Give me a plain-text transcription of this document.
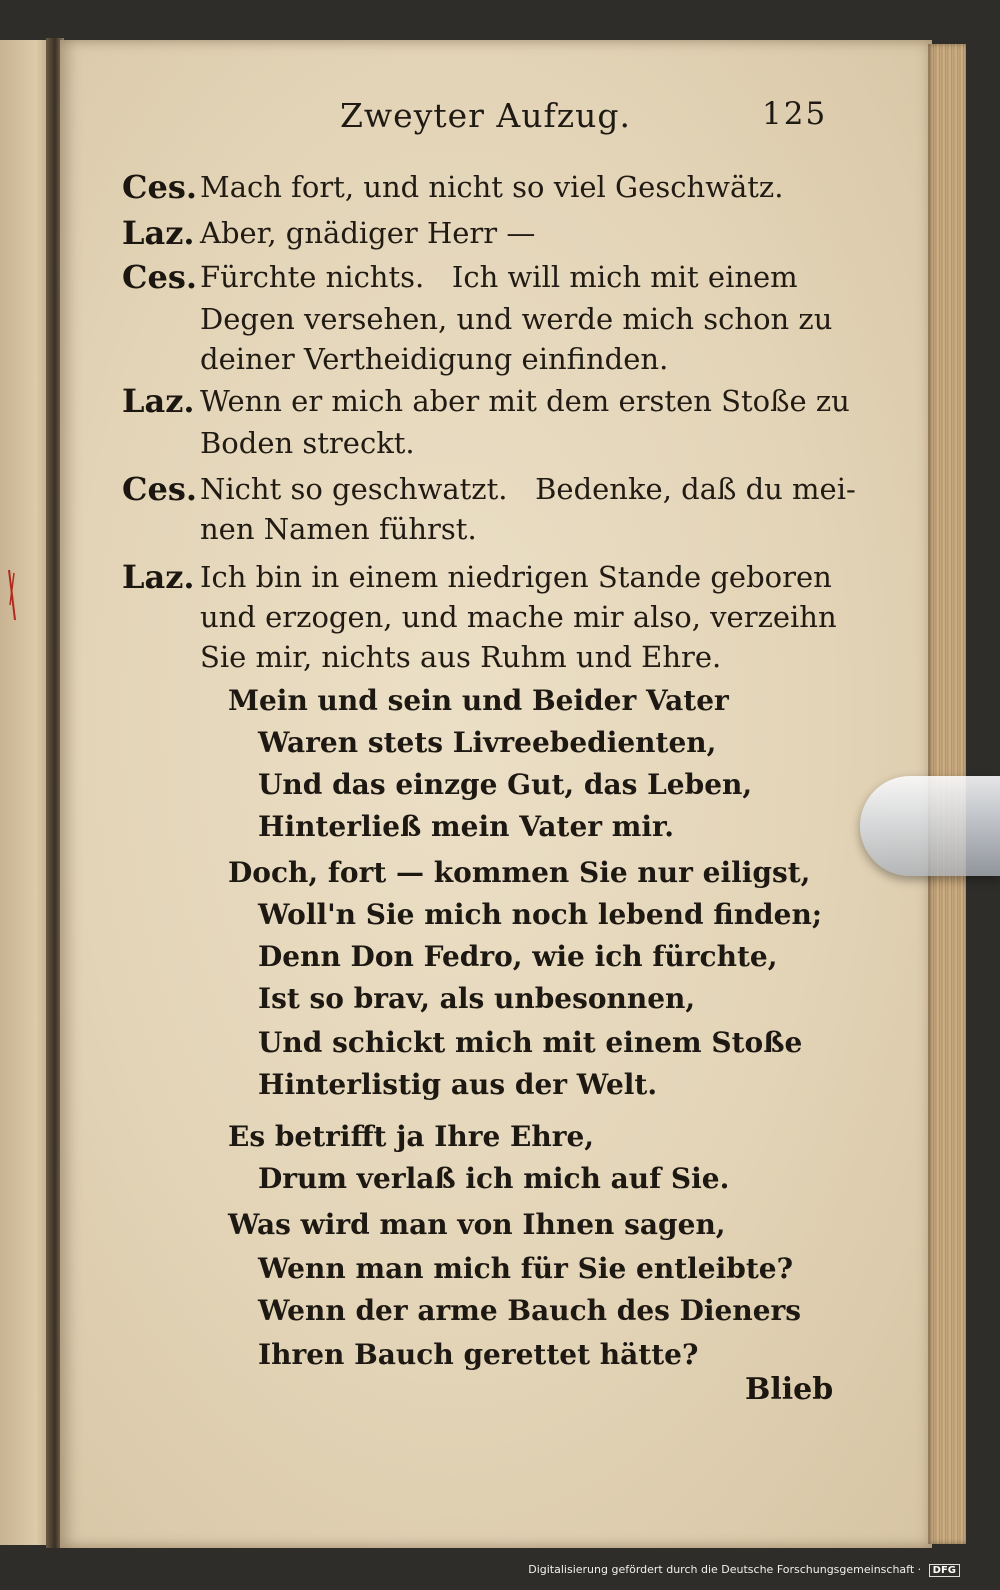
Zweyter Aufzug.	125
Ces. Mach fort, und nicht so viel Geschwätz.
Laz. Aber, gnädiger Herr —
Ces. Fürchte nichts.   Ich will mich mit einem
Degen versehen, und werde mich schon zu
deiner Vertheidigung einfinden.
Laz. Wenn er mich aber mit dem ersten Stoße zu
Boden streckt.
Ces. Nicht so geschwatzt.   Bedenke, daß du mei-
nen Namen führst.
Laz. Ich bin in einem niedrigen Stande geboren
und erzogen, und mache mir also, verzeihn
Sie mir, nichts aus Ruhm und Ehre.
Mein und sein und Beider Vater
Waren stets Livreebedienten,
Und das einzge Gut, das Leben,
Hinterließ mein Vater mir.
Doch, fort — kommen Sie nur eiligst,
Woll'n Sie mich noch lebend finden;
Denn Don Fedro, wie ich fürchte,
Ist so brav, als unbesonnen,
Und schickt mich mit einem Stoße
Hinterlistig aus der Welt.
Es betrifft ja Ihre Ehre,
Drum verlaß ich mich auf Sie.
Was wird man von Ihnen sagen,
Wenn man mich für Sie entleibte?
Wenn der arme Bauch des Dieners
Ihren Bauch gerettet hätte?
Blieb
Digitalisierung gefördert durch die Deutsche Forschungsgemeinschaft · DFG
